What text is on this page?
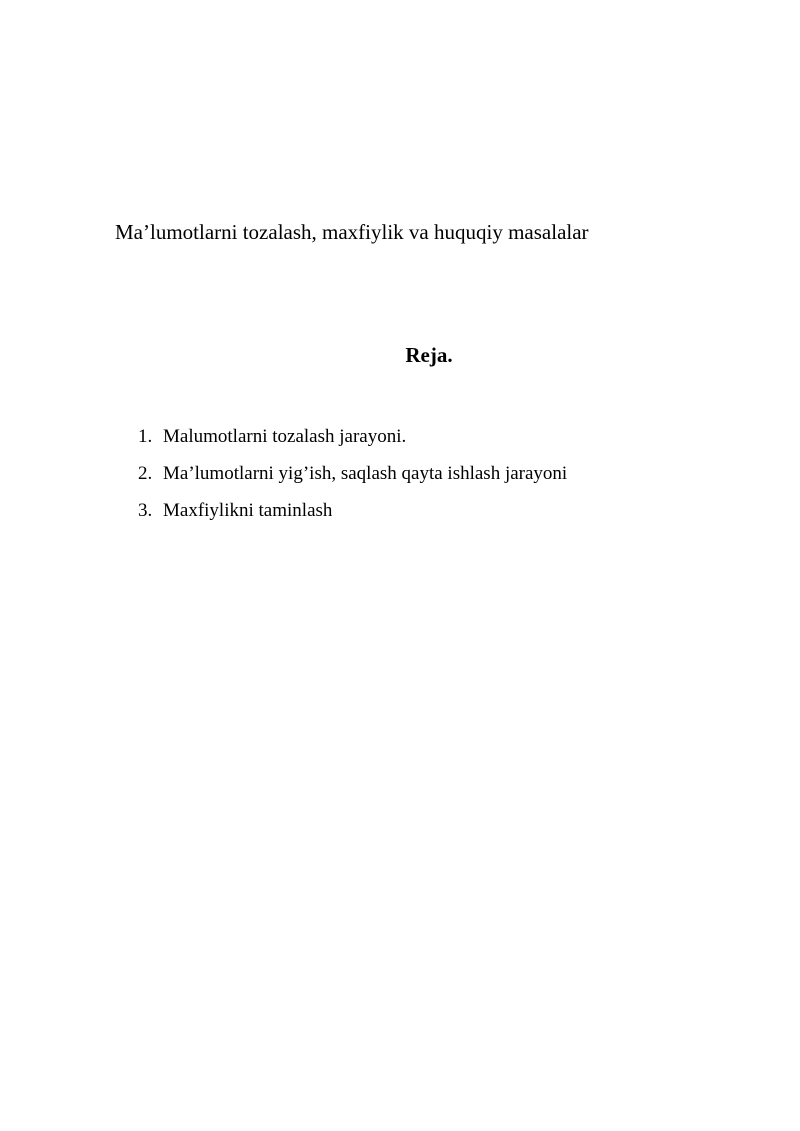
Ma’lumotlarni tozalash, maxfiylik va huquqiy masalalar
Reja.
1. Malumotlarni tozalash jarayoni.
2. Ma’lumotlarni yig’ish, saqlash qayta ishlash jarayoni
3. Maxfiylikni taminlash
